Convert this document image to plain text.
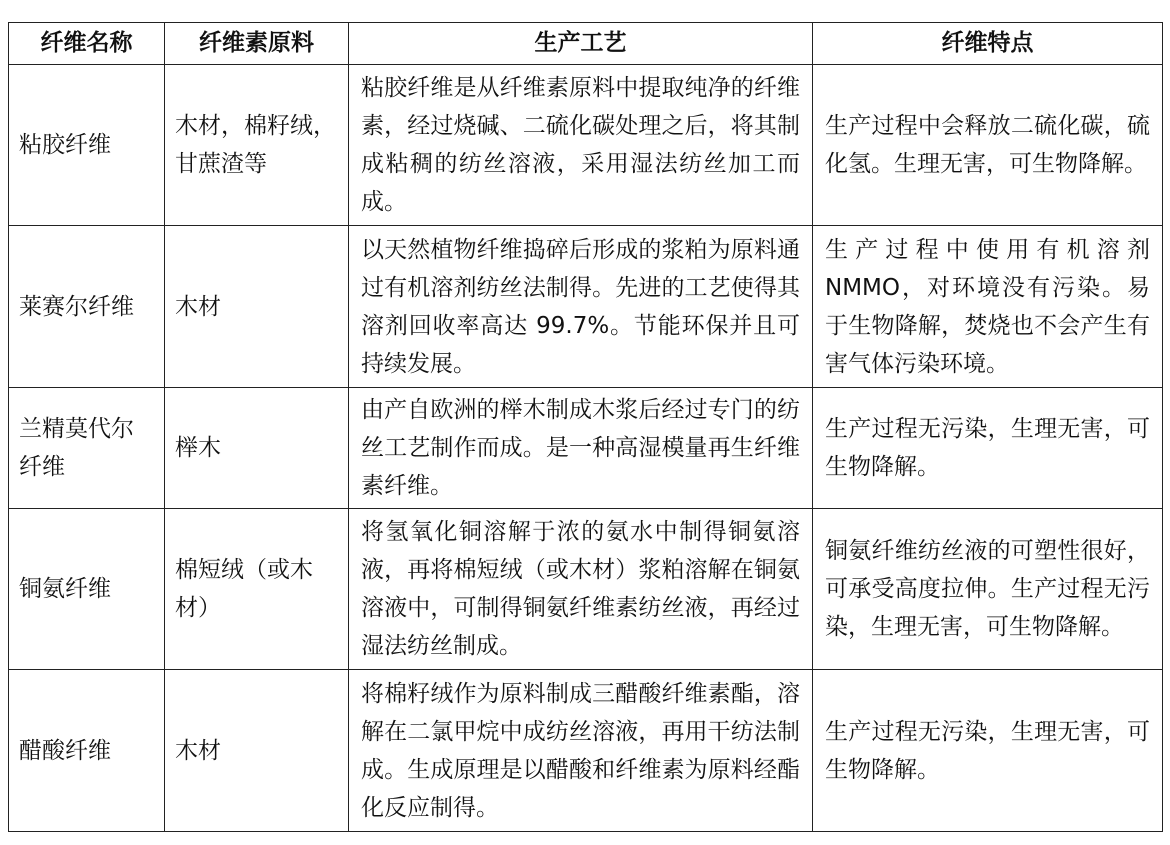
纤维名称	纤维素原料	生产工艺	纤维特点
粘胶纤维	木材，棉籽绒，甘蔗渣等	粘胶纤维是从纤维素原料中提取纯净的纤维素，经过烧碱、二硫化碳处理之后，将其制成粘稠的纺丝溶液，采用湿法纺丝加工而成。	生产过程中会释放二硫化碳，硫化氢。生理无害，可生物降解。
莱赛尔纤维	木材	以天然植物纤维捣碎后形成的浆粕为原料通过有机溶剂纺丝法制得。先进的工艺使得其溶剂回收率高达 99.7%。节能环保并且可持续发展。	生产过程中使用有机溶剂NMMO，对环境没有污染。易于生物降解，焚烧也不会产生有害气体污染环境。
兰精莫代尔纤维	榉木	由产自欧洲的榉木制成木浆后经过专门的纺丝工艺制作而成。是一种高湿模量再生纤维素纤维。	生产过程无污染，生理无害，可生物降解。
铜氨纤维	棉短绒（或木材）	将氢氧化铜溶解于浓的氨水中制得铜氨溶液，再将棉短绒（或木材）浆粕溶解在铜氨溶液中，可制得铜氨纤维素纺丝液，再经过湿法纺丝制成。	铜氨纤维纺丝液的可塑性很好，可承受高度拉伸。生产过程无污染，生理无害，可生物降解。
醋酸纤维	木材	将棉籽绒作为原料制成三醋酸纤维素酯，溶解在二氯甲烷中成纺丝溶液，再用干纺法制成。生成原理是以醋酸和纤维素为原料经酯化反应制得。	生产过程无污染，生理无害，可生物降解。
